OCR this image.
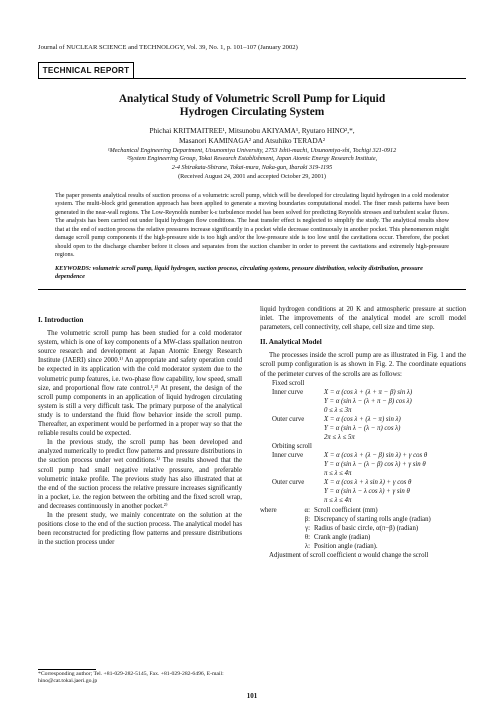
Journal of NUCLEAR SCIENCE and TECHNOLOGY, Vol. 39, No. 1, p. 101–107 (January 2002)
TECHNICAL REPORT
Analytical Study of Volumetric Scroll Pump for Liquid
Hydrogen Circulating System
Phichai KRITMAITREE¹, Mitsunobu AKIYAMA¹, Ryutaro HINO²,*,
Masanori KAMINAGA² and Atsuhiko TERADA²
¹Mechanical Engineering Department, Utsunomiya University, 2753 Ishii-machi, Utsunomiya-shi, Tochigi 321-0912
²System Engineering Group, Tokai Research Establishment, Japan Atomic Energy Research Institute,
2-4 Shirakata-Shirane, Tokai-mura, Naka-gun, Ibaraki 319-1195
(Received August 24, 2001 and accepted October 29, 2001)
The paper presents analytical results of suction process of a volumetric scroll pump, which will be developed for circulating liquid hydrogen in a cold moderator system. The multi-block grid generation approach has been applied to generate a moving boundaries computational model. The finer mesh patterns have been generated in the near-wall regions. The Low-Reynolds number k-ε turbulence model has been solved for predicting Reynolds stresses and turbulent scalar fluxes. The analysis has been carried out under liquid hydrogen flow conditions. The heat transfer effect is neglected to simplify the study. The analytical results show that at the end of suction process the relative pressures increase significantly in a pocket while decrease continuously in another pocket. This phenomenon might damage scroll pump components if the high-pressure side is too high and/or the low-pressure side is too low until the cavitations occur. Therefore, the pocket should open to the discharge chamber before it closes and separates from the suction chamber in order to prevent the cavitations and extremely high-pressure regions.
KEYWORDS: volumetric scroll pump, liquid hydrogen, suction process, circulating systems, pressure distribution, velocity distribution, pressure dependence
I. Introduction

The volumetric scroll pump has been studied for a cold moderator system, which is one of key components of a MW-class spallation neutron source research and development at Japan Atomic Energy Research Institute (JAERI) since 2000.¹⁾ An appropriate and safety operation could be expected in its application with the cold moderator system due to the volumetric pump features, i.e. two-phase flow capability, low speed, small size, and proportional flow rate control.¹,²⁾ At present, the design of the scroll pump components in an application of liquid hydrogen circulating system is still a very difficult task. The primary purpose of the analytical study is to understand the fluid flow behavior inside the scroll pump. Thereafter, an experiment would be performed in a proper way so that the reliable results could be expected.

In the previous study, the scroll pump has been developed and analyzed numerically to predict flow patterns and pressure distributions in the suction process under wet conditions.¹⁾ The results showed that the scroll pump had small negative relative pressure, and preferable volumetric intake profile. The previous study has also illustrated that at the end of the suction process the relative pressure increases significantly in a pocket, i.e. the region between the orbiting and the fixed scroll wrap, and decreases continuously in another pocket.²⁾

In the present study, we mainly concentrate on the solution at the positions close to the end of the suction process. The analytical model has been reconstructed for predicting flow patterns and pressure distributions in the suction process under

*Corresponding author; Tel. +81-029-282-5145, Fax. +81-029-282-6496, E-mail: hino@cat.tokai.jaeri.go.jp

liquid hydrogen conditions at 20 K and atmospheric pressure at suction inlet. The improvements of the analytical model are scroll model parameters, cell connectivity, cell shape, cell size and time step.

II. Analytical Model

The processes inside the scroll pump are as illustrated in Fig. 1 and the scroll pump configuration is as shown in Fig. 2. The coordinate equations of the perimeter curves of the scrolls are as follows:

Fixed scroll
Inner curve	X = α (cos λ + (λ + π − β) sin λ)
Y = α (sin λ − (λ + π − β) cos λ)
0 ≤ λ ≤ 3π
Outer curve	X = α (cos λ + (λ − π) sin λ)
Y = α (sin λ − (λ − π) cos λ)
2π ≤ λ ≤ 5π
Orbiting scroll
Inner curve	X = α (cos λ + (λ − β) sin λ) + γ cos θ
Y = α (sin λ − (λ − β) cos λ) + γ sin θ
π ≤ λ ≤ 4π
Outer curve	X = α (cos λ + λ sin λ) + γ cos θ
Y = α (sin λ − λ cos λ) + γ sin θ
π ≤ λ ≤ 4π
where	α: Scroll coefficient (mm)
β: Discrepancy of starting rolls angle (radian)
γ: Radius of basic circle, α(π−β) (radian)
θ: Crank angle (radian)
λ: Position angle (radian).

Adjustment of scroll coefficient α would change the scroll

101
